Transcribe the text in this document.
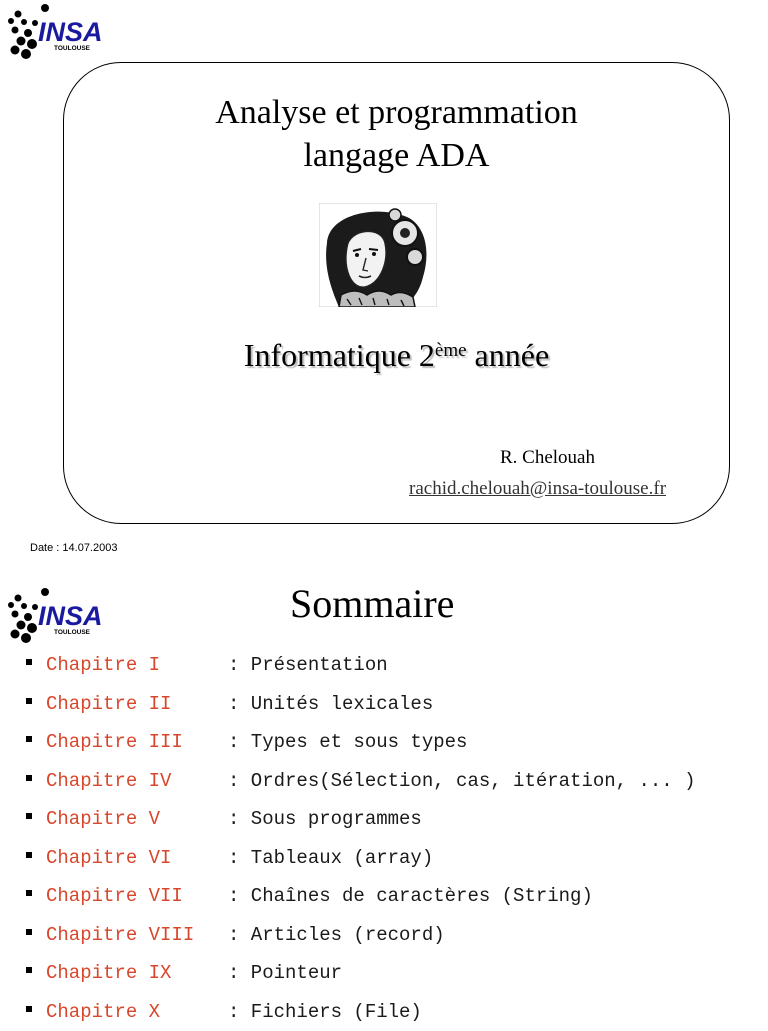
INSA
TOULOUSE
Analyse et programmation
langage ADA
Informatique 2ème année
R. Chelouah
rachid.chelouah@insa-toulouse.fr
Date : 14.07.2003
INSA
TOULOUSE
Sommaire
Chapitre I	: Présentation
Chapitre II	: Unités lexicales
Chapitre III	: Types et sous types
Chapitre IV	: Ordres(Sélection, cas, itération, ... )
Chapitre V	: Sous programmes
Chapitre VI	: Tableaux (array)
Chapitre VII	: Chaînes de caractères (String)
Chapitre VIII	: Articles (record)
Chapitre IX	: Pointeur
Chapitre X	: Fichiers (File)
